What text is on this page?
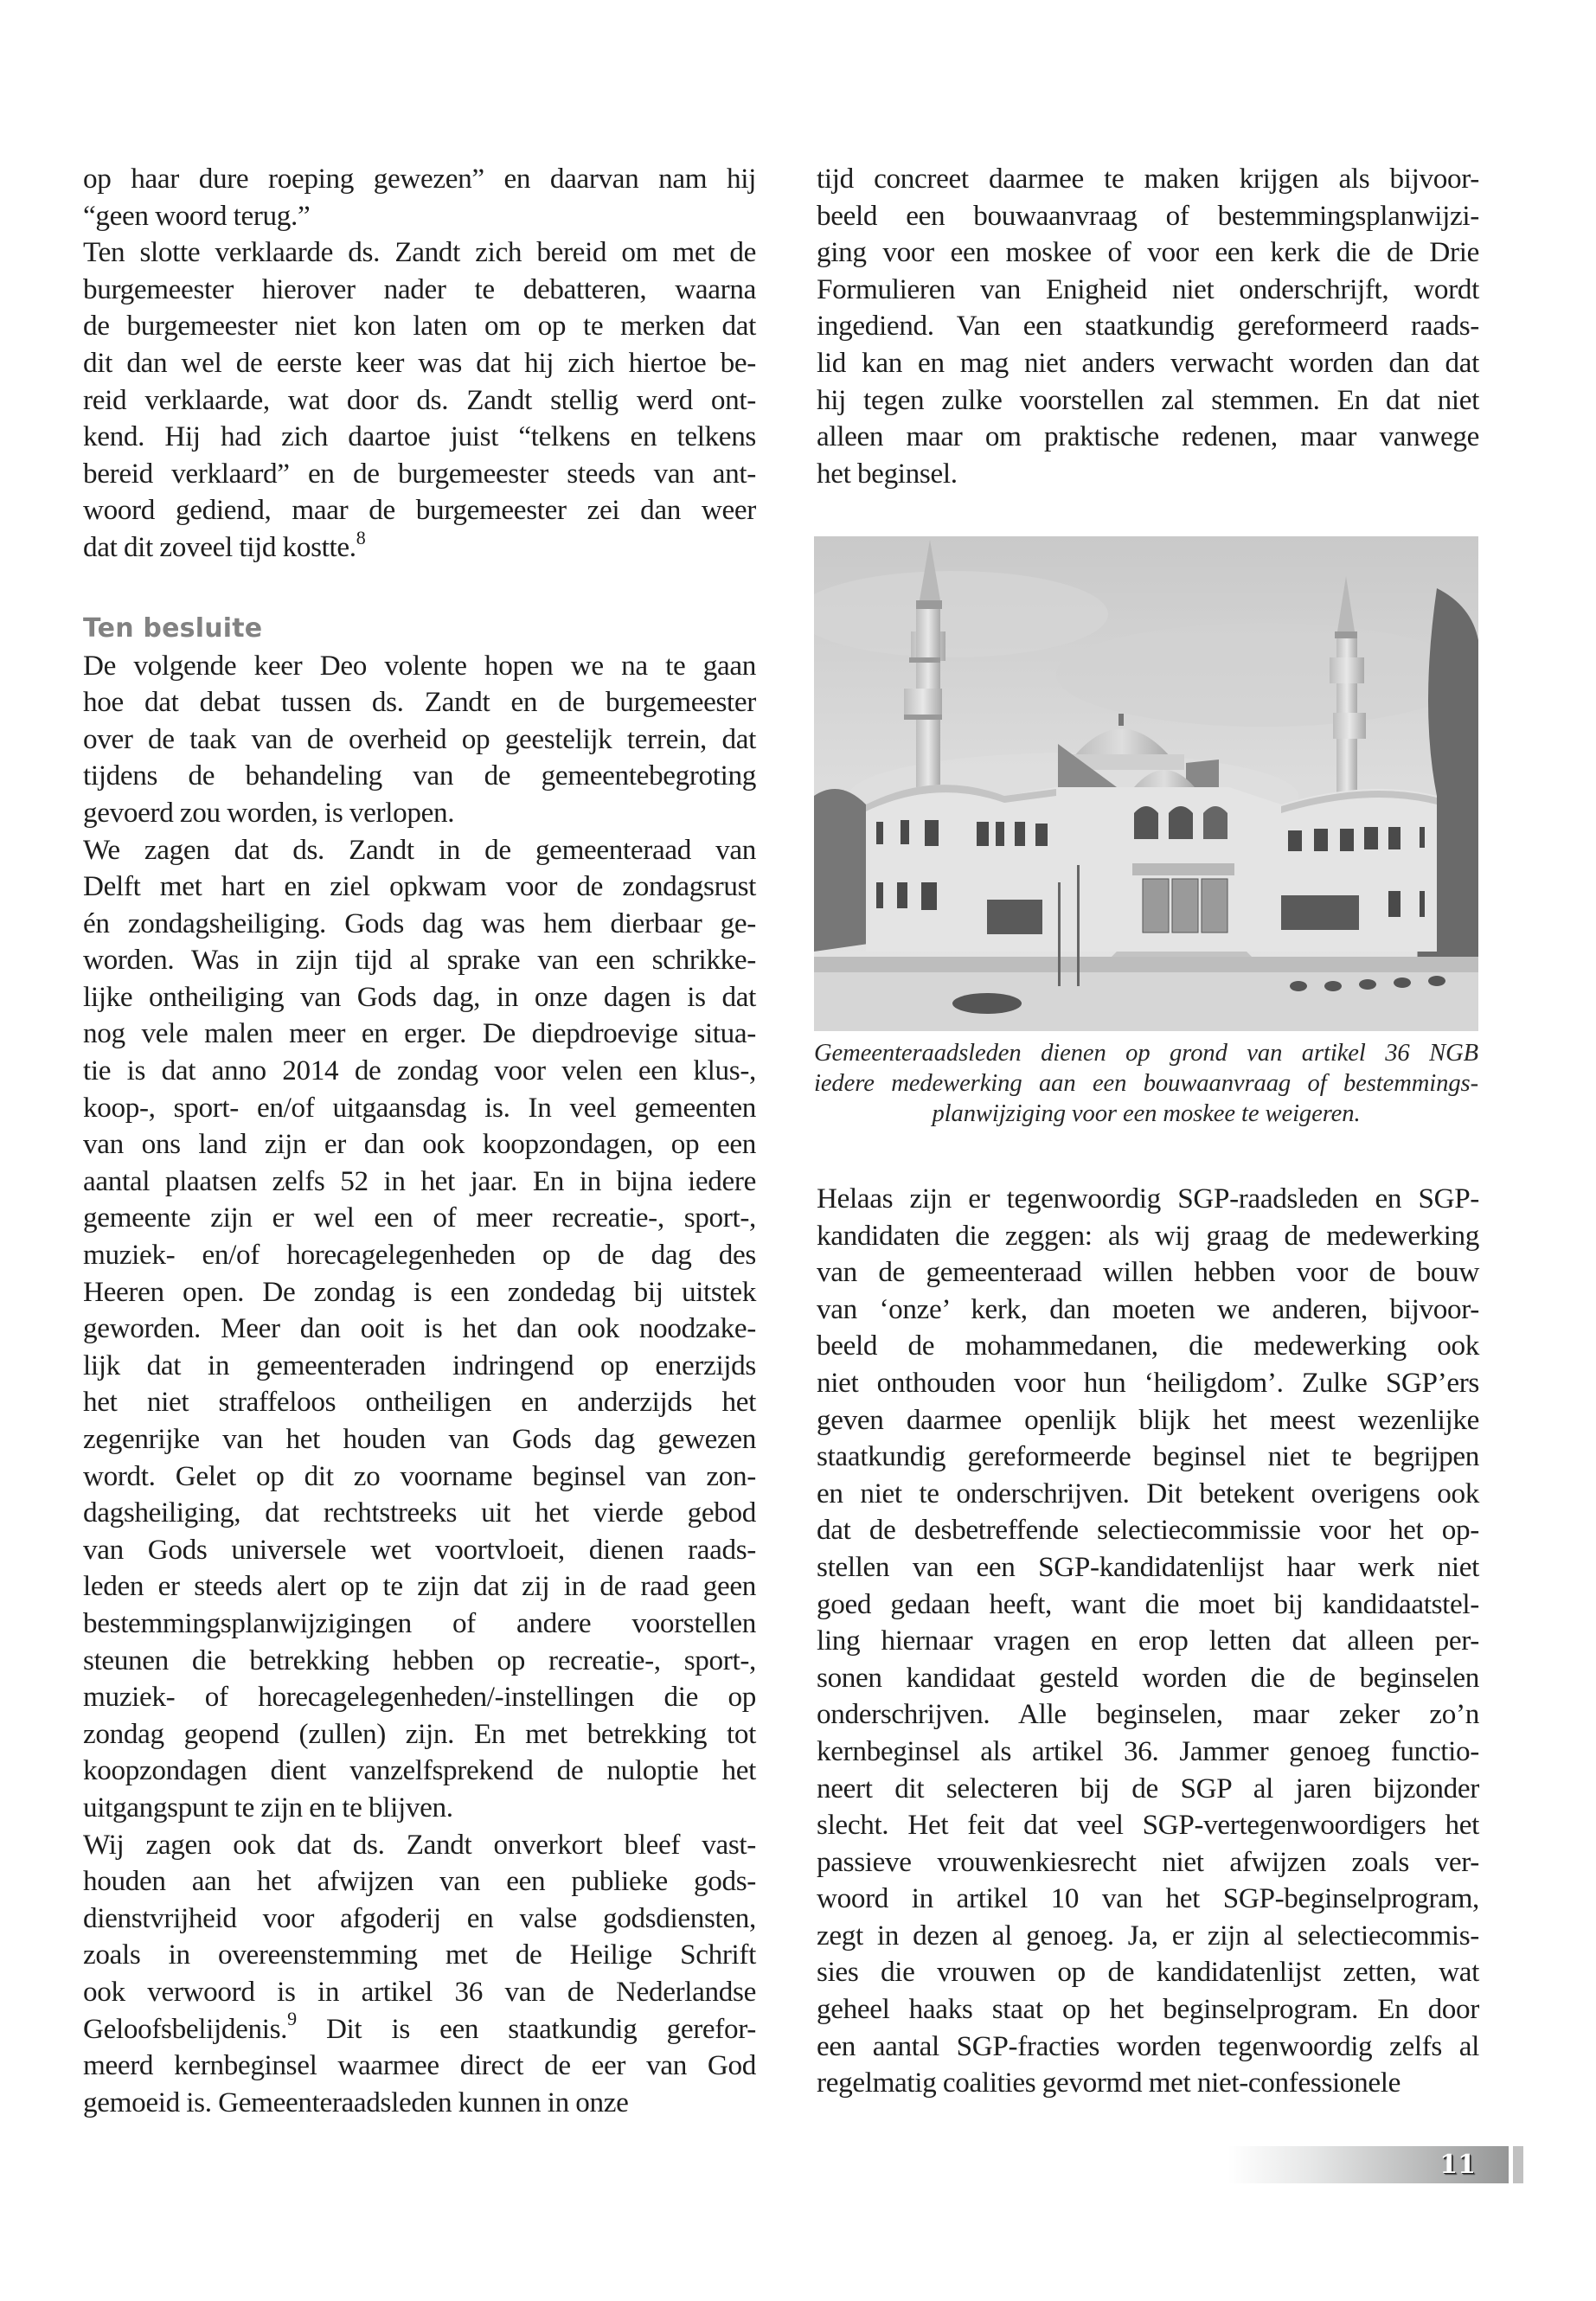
op haar dure roeping gewezen” en daarvan nam hij
“geen woord terug.”

Ten slotte verklaarde ds. Zandt zich bereid om met de
burgemeester hierover nader te debatteren, waarna
de burgemeester niet kon laten om op te merken dat
dit dan wel de eerste keer was dat hij zich hiertoe be-
reid verklaarde, wat door ds. Zandt stellig werd ont-
kend. Hij had zich daartoe juist “telkens en telkens
bereid verklaard” en de burgemeester steeds van ant-
woord gediend, maar de burgemeester zei dan weer
dat dit zoveel tijd kostte.$^8$

Ten besluite

De volgende keer Deo volente hopen we na te gaan
hoe dat debat tussen ds. Zandt en de burgemeester
over de taak van de overheid op geestelijk terrein, dat
tijdens de behandeling van de gemeentebegroting
gevoerd zou worden, is verlopen.

We zagen dat ds. Zandt in de gemeenteraad van
Delft met hart en ziel opkwam voor de zondagsrust
én zondagsheiliging. Gods dag was hem dierbaar ge-
worden. Was in zijn tijd al sprake van een schrikke-
lijke ontheiliging van Gods dag, in onze dagen is dat
nog vele malen meer en erger. De diepdroevige situa-
tie is dat anno 2014 de zondag voor velen een klus-,
koop-, sport- en/of uitgaansdag is. In veel gemeenten
van ons land zijn er dan ook koopzondagen, op een
aantal plaatsen zelfs 52 in het jaar. En in bijna iedere
gemeente zijn er wel een of meer recreatie-, sport-,
muziek- en/of horecagelegenheden op de dag des
Heeren open. De zondag is een zondedag bij uitstek
geworden. Meer dan ooit is het dan ook noodzake-
lijk dat in gemeenteraden indringend op enerzijds
het niet straffeloos ontheiligen en anderzijds het
zegenrijke van het houden van Gods dag gewezen
wordt. Gelet op dit zo voorname beginsel van zon-
dagsheiliging, dat rechtstreeks uit het vierde gebod
van Gods universele wet voortvloeit, dienen raads-
leden er steeds alert op te zijn dat zij in de raad geen
bestemmingsplanwijzigingen of andere voorstellen
steunen die betrekking hebben op recreatie-, sport-,
muziek- of horecagelegenheden/-instellingen die op
zondag geopend (zullen) zijn. En met betrekking tot
koopzondagen dient vanzelfsprekend de nuloptie het
uitgangspunt te zijn en te blijven.

Wij zagen ook dat ds. Zandt onverkort bleef vast-
houden aan het afwijzen van een publieke gods-
dienstvrijheid voor afgoderij en valse godsdiensten,
zoals in overeenstemming met de Heilige Schrift
ook verwoord is in artikel 36 van de Nederlandse
Geloofsbelijdenis.$^9$ Dit is een staatkundig gerefor-
meerd kernbeginsel waarmee direct de eer van God
gemoeid is. Gemeenteraadsleden kunnen in onze

tijd concreet daarmee te maken krijgen als bijvoor-
beeld een bouwaanvraag of bestemmingsplanwijzi-
ging voor een moskee of voor een kerk die de Drie
Formulieren van Enigheid niet onderschrijft, wordt
ingediend. Van een staatkundig gereformeerd raads-
lid kan en mag niet anders verwacht worden dan dat
hij tegen zulke voorstellen zal stemmen. En dat niet
alleen maar om praktische redenen, maar vanwege
het beginsel.

Gemeenteraadsleden dienen op grond van artikel 36 NGB
iedere medewerking aan een bouwaanvraag of bestemmings-
planwijziging voor een moskee te weigeren.

Helaas zijn er tegenwoordig SGP-raadsleden en SGP-
kandidaten die zeggen: als wij graag de medewerking
van de gemeenteraad willen hebben voor de bouw
van ‘onze’ kerk, dan moeten we anderen, bijvoor-
beeld de mohammedanen, die medewerking ook
niet onthouden voor hun ‘heiligdom’. Zulke SGP’ers
geven daarmee openlijk blijk het meest wezenlijke
staatkundig gereformeerde beginsel niet te begrijpen
en niet te onderschrijven. Dit betekent overigens ook
dat de desbetreffende selectiecommissie voor het op-
stellen van een SGP-kandidatenlijst haar werk niet
goed gedaan heeft, want die moet bij kandidaatstel-
ling hiernaar vragen en erop letten dat alleen per-
sonen kandidaat gesteld worden die de beginselen
onderschrijven. Alle beginselen, maar zeker zo’n
kernbeginsel als artikel 36. Jammer genoeg functio-
neert dit selecteren bij de SGP al jaren bijzonder
slecht. Het feit dat veel SGP-vertegenwoordigers het
passieve vrouwenkiesrecht niet afwijzen zoals ver-
woord in artikel 10 van het SGP-beginselprogram,
zegt in dezen al genoeg. Ja, er zijn al selectiecommis-
sies die vrouwen op de kandidatenlijst zetten, wat
geheel haaks staat op het beginselprogram. En door
een aantal SGP-fracties worden tegenwoordig zelfs al
regelmatig coalities gevormd met niet-confessionele

11
